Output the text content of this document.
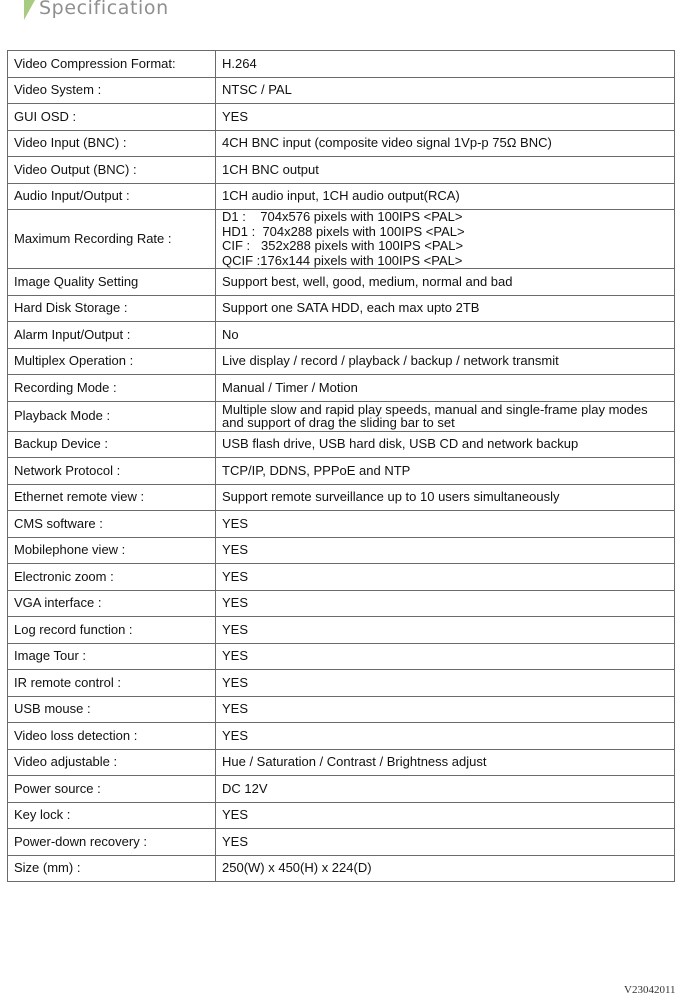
Specification
Video Compression Format:	H.264
Video System :	NTSC / PAL
GUI OSD :	YES
Video Input (BNC) :	4CH BNC input (composite video signal 1Vp-p 75Ω BNC)
Video Output (BNC) :	1CH BNC output
Audio Input/Output :	1CH audio input, 1CH audio output(RCA)
Maximum Recording Rate :	D1 :    704x576 pixels with 100IPS <PAL>
HD1 :  704x288 pixels with 100IPS <PAL>
CIF :   352x288 pixels with 100IPS <PAL>
QCIF :176x144 pixels with 100IPS <PAL>

Image Quality Setting	Support best, well, good, medium, normal and bad
Hard Disk Storage :	Support one SATA HDD, each max upto 2TB
Alarm Input/Output :	No
Multiplex Operation :	Live display / record / playback / backup / network transmit
Recording Mode :	Manual / Timer / Motion
Playback Mode :	Multiple slow and rapid play speeds, manual and single-frame play modes
and support of drag the sliding bar to set

Backup Device :	USB flash drive, USB hard disk, USB CD and network backup
Network Protocol :	TCP/IP, DDNS, PPPoE and NTP
Ethernet remote view :	Support remote surveillance up to 10 users simultaneously
CMS software :	YES
Mobilephone view :	YES
Electronic zoom :	YES
VGA interface :	YES
Log record function :	YES
Image Tour :	YES
IR remote control :	YES
USB mouse :	YES
Video loss detection :	YES
Video adjustable :	Hue / Saturation / Contrast / Brightness adjust
Power source :	DC 12V
Key lock :	YES
Power-down recovery :	YES
Size (mm) :	250(W) x 450(H) x 224(D)
V23042011
